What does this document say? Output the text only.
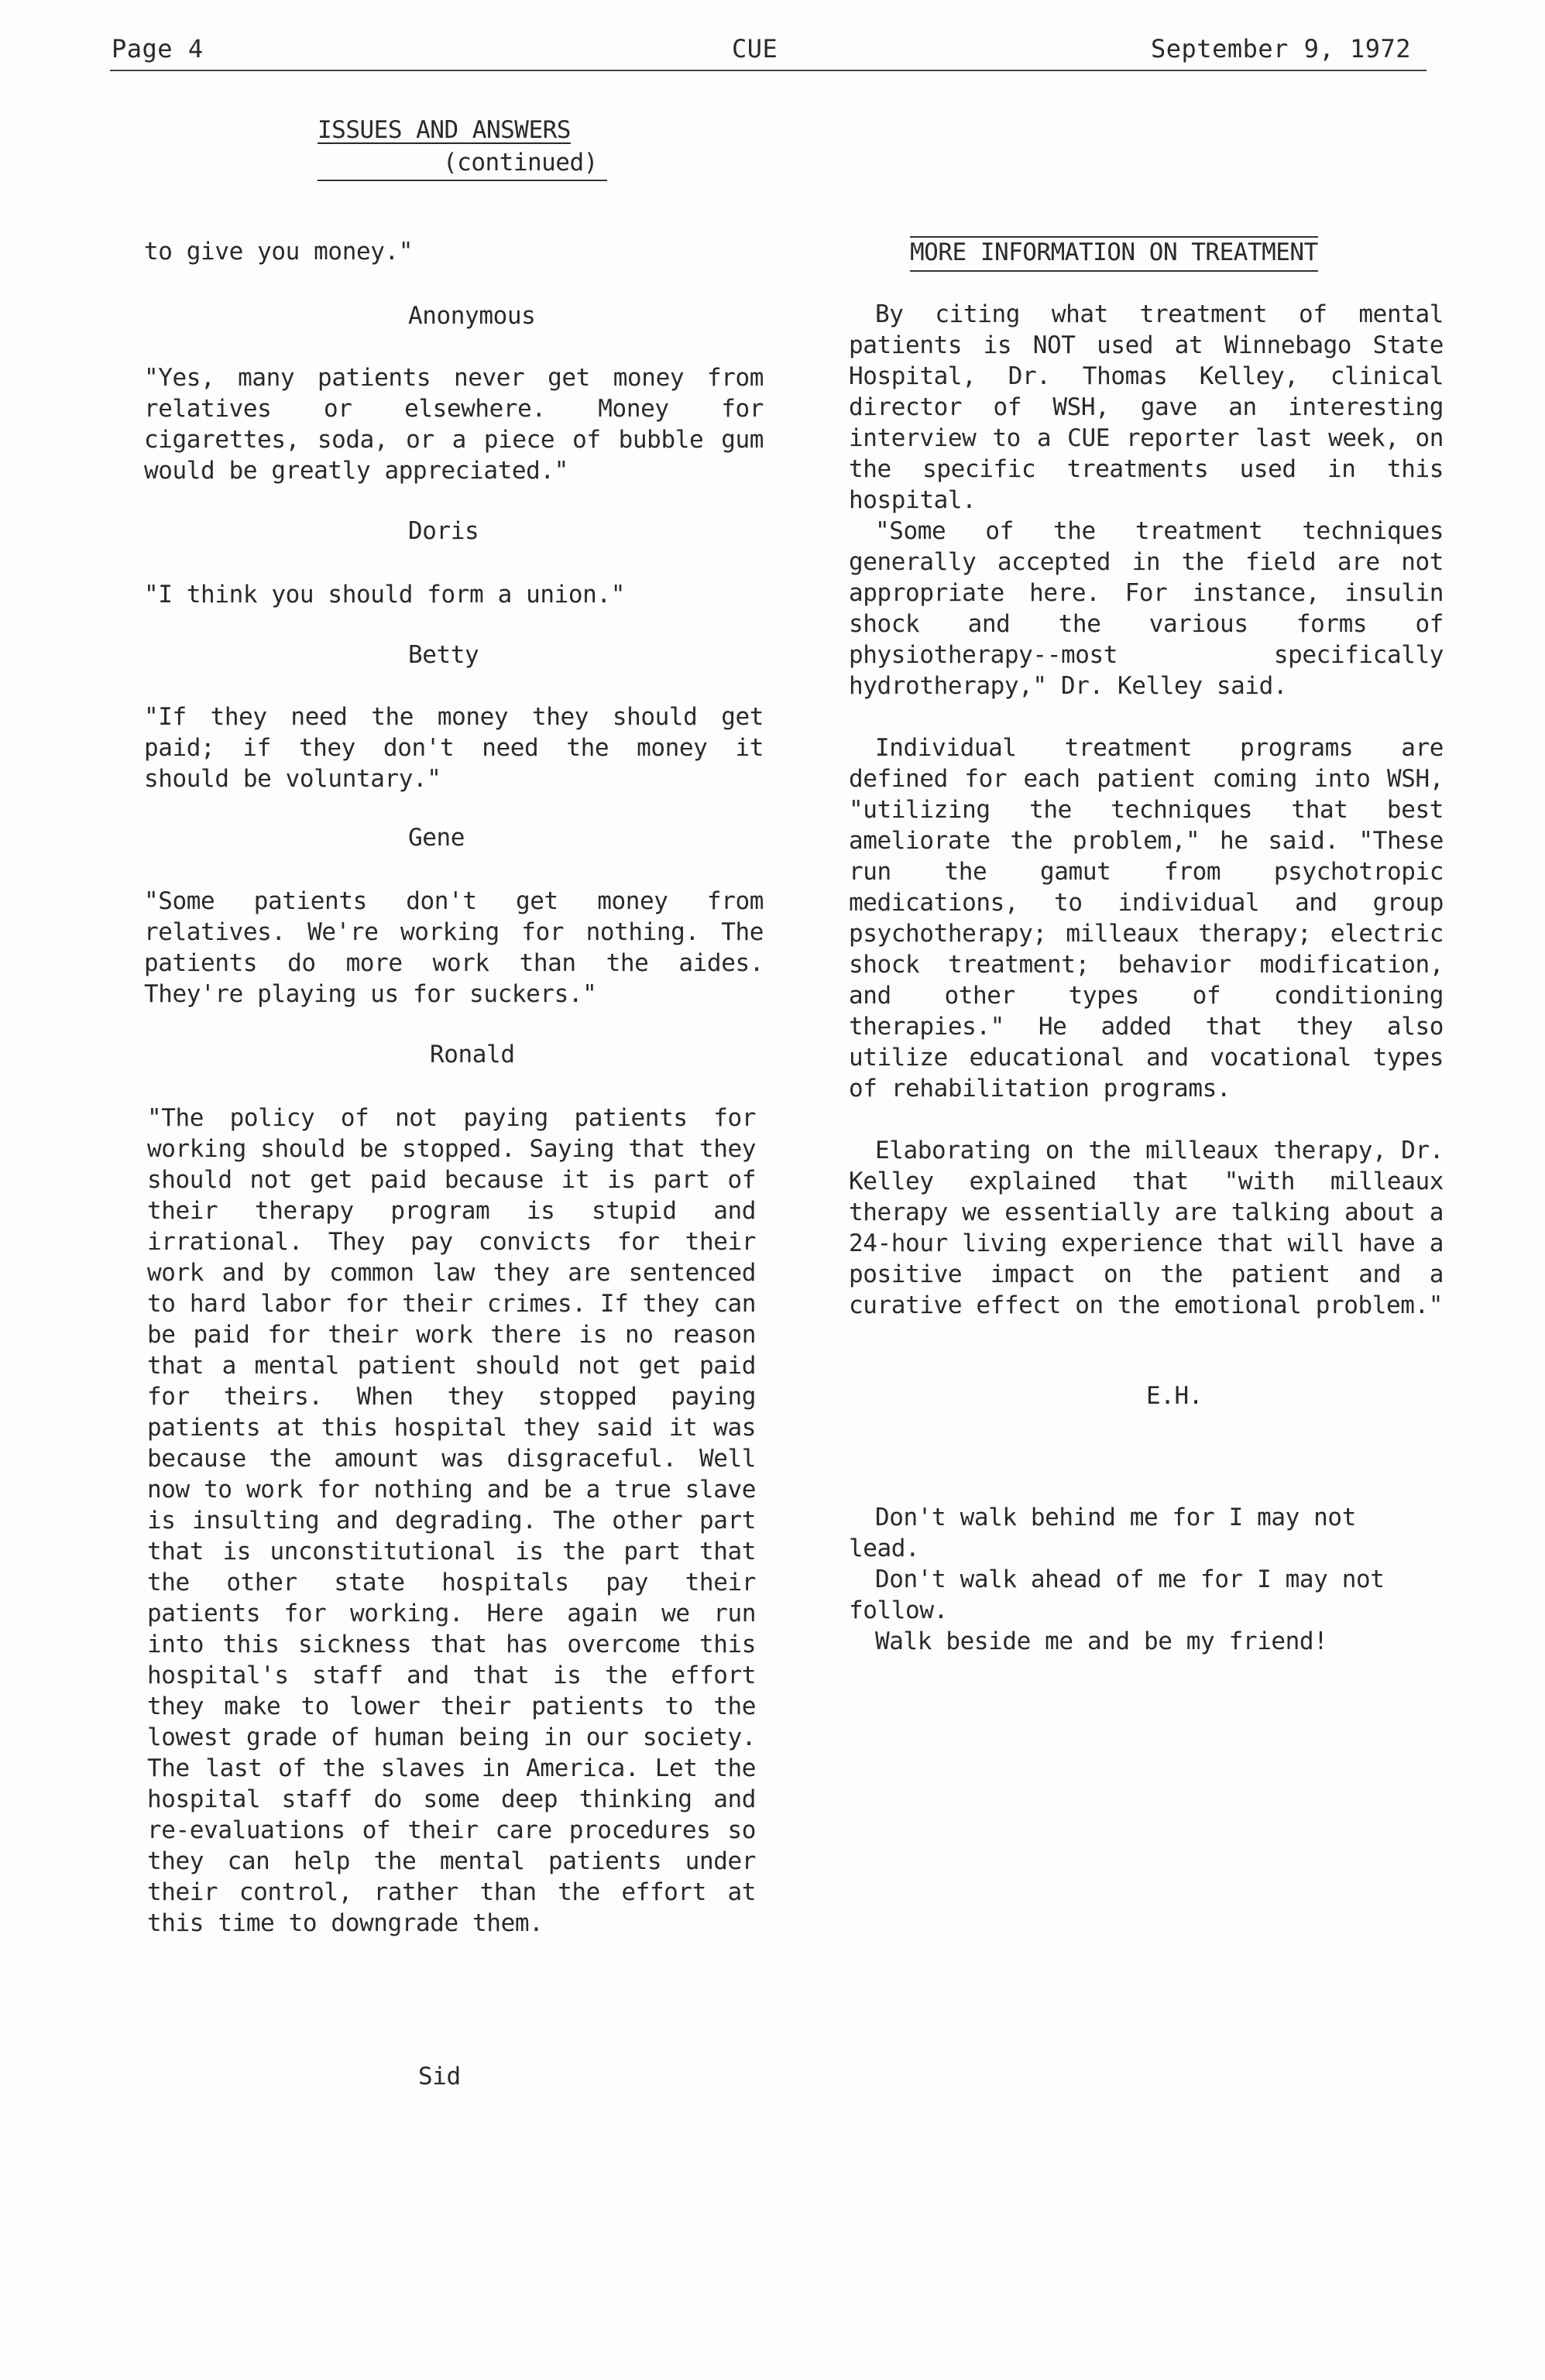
Page 4	CUE	September 9, 1972
ISSUES AND ANSWERS
(continued)
to give you money."
Anonymous

"Yes, many patients never get money from relatives or elsewhere. Money for cigarettes, soda, or a piece of bubble gum would be greatly appreciated."

Doris

"I think you should form a union."

Betty

"If they need the money they should get paid; if they don't need the money it should be voluntary."

Gene

"Some patients don't get money from relatives. We're working for nothing. The patients do more work than the aides. They're playing us for suckers."

Ronald

"The policy of not paying patients for working should be stopped. Saying that they should not get paid because it is part of their therapy program is stupid and irrational. They pay convicts for their work and by common law they are sentenced to hard labor for their crimes. If they can be paid for their work there is no reason that a mental patient should not get paid for theirs. When they stopped paying patients at this hospital they said it was because the amount was disgraceful. Well now to work for nothing and be a true slave is insulting and degrading. The other part that is unconstitutional is the part that the other state hospitals pay their patients for working. Here again we run into this sickness that has overcome this hospital's staff and that is the effort they make to lower their patients to the lowest grade of human being in our society. The last of the slaves in America. Let the hospital staff do some deep thinking and re-evaluations of their care procedures so they can help the mental patients under their control, rather than the effort at this time to downgrade them.

Sid
MORE INFORMATION ON TREATMENT

By citing what treatment of mental patients is NOT used at Winnebago State Hospital, Dr. Thomas Kelley, clinical director of WSH, gave an interesting interview to a CUE reporter last week, on the specific treatments used in this hospital.

"Some of the treatment techniques generally accepted in the field are not appropriate here. For instance, insulin shock and the various forms of physiotherapy--most specifically hydrotherapy," Dr. Kelley said.

Individual treatment programs are defined for each patient coming into WSH, "utilizing the techniques that best ameliorate the problem," he said. "These run the gamut from psychotropic medications, to individual and group psychotherapy; milleaux therapy; electric shock treatment; behavior modification, and other types of conditioning therapies." He added that they also utilize educational and vocational types of rehabilitation programs.

Elaborating on the milleaux therapy, Dr. Kelley explained that "with milleaux therapy we essentially are talking about a 24-hour living experience that will have a positive impact on the patient and a curative effect on the emotional problem."

E.H.

Don't walk behind me for I may not lead.

Don't walk ahead of me for I may not follow.

Walk beside me and be my friend!
